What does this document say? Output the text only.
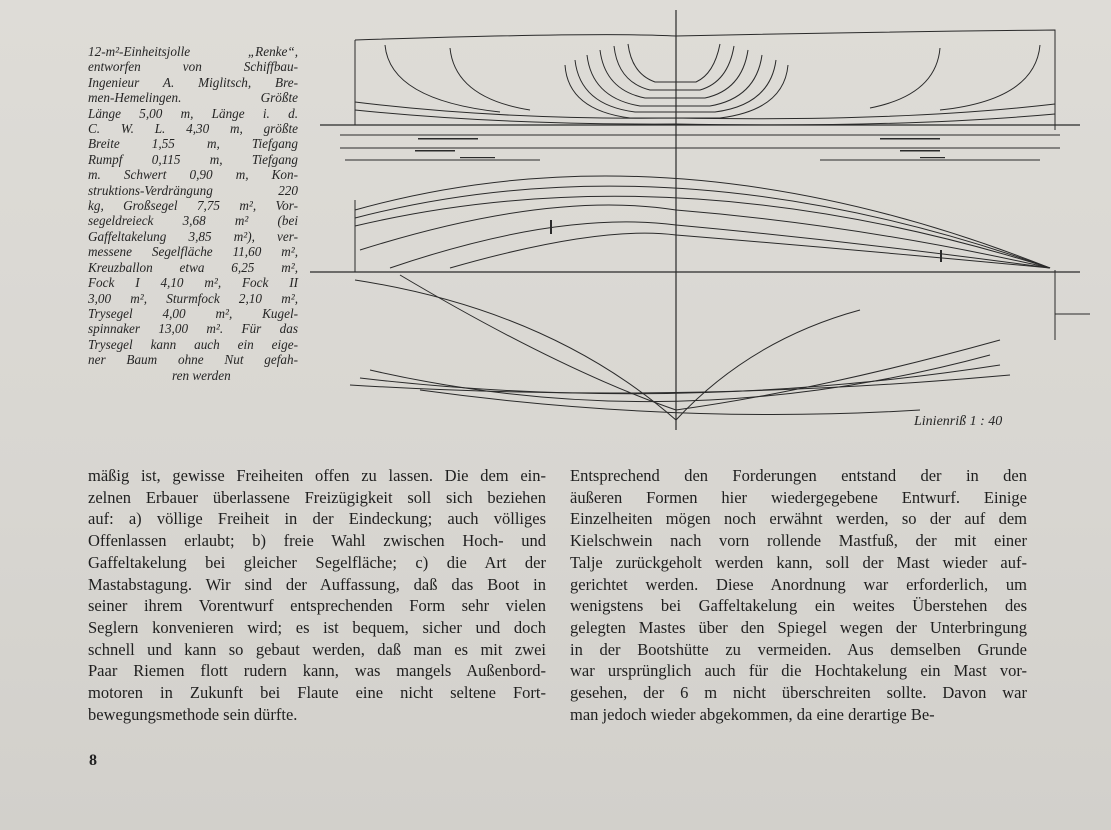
12-m²-Einheitsjolle „Renke“,
entworfen von Schiffbau-
Ingenieur A. Miglitsch, Bre-
men-Hemelingen. Größte
Länge 5,00 m, Länge i. d.
C. W. L. 4,30 m, größte
Breite 1,55 m, Tiefgang
Rumpf 0,115 m, Tiefgang
m. Schwert 0,90 m, Kon-
struktions-Verdrängung 220
kg, Großsegel 7,75 m², Vor-
segeldreieck 3,68 m² (bei
Gaffeltakelung 3,85 m²), ver-
messene Segelfläche 11,60 m²,
Kreuzballon etwa 6,25 m²,
Fock I 4,10 m², Fock II
3,00 m², Sturmfock 2,10 m²,
Trysegel 4,00 m², Kugel-
spinnaker 13,00 m². Für das
Trysegel kann auch ein eige-
ner Baum ohne Nut gefah-
ren werden
Linienriß 1 : 40
mäßig ist, gewisse Freiheiten offen zu lassen. Die dem ein-
zelnen Erbauer überlassene Freizügigkeit soll sich beziehen
auf: a) völlige Freiheit in der Eindeckung; auch völliges
Offenlassen erlaubt; b) freie Wahl zwischen Hoch- und
Gaffeltakelung bei gleicher Segelfläche; c) die Art der
Mastabstagung. Wir sind der Auffassung, daß das Boot in
seiner ihrem Vorentwurf entsprechenden Form sehr vielen
Seglern konvenieren wird; es ist bequem, sicher und doch
schnell und kann so gebaut werden, daß man es mit zwei
Paar Riemen flott rudern kann, was mangels Außenbord-
motoren in Zukunft bei Flaute eine nicht seltene Fort-
bewegungsmethode sein dürfte.
Entsprechend den Forderungen entstand der in den
äußeren Formen hier wiedergegebene Entwurf. Einige
Einzelheiten mögen noch erwähnt werden, so der auf dem
Kielschwein nach vorn rollende Mastfuß, der mit einer
Talje zurückgeholt werden kann, soll der Mast wieder auf-
gerichtet werden. Diese Anordnung war erforderlich, um
wenigstens bei Gaffeltakelung ein weites Überstehen des
gelegten Mastes über den Spiegel wegen der Unterbringung
in der Bootshütte zu vermeiden. Aus demselben Grunde
war ursprünglich auch für die Hochtakelung ein Mast vor-
gesehen, der 6 m nicht überschreiten sollte. Davon war
man jedoch wieder abgekommen, da eine derartige Be-
8
